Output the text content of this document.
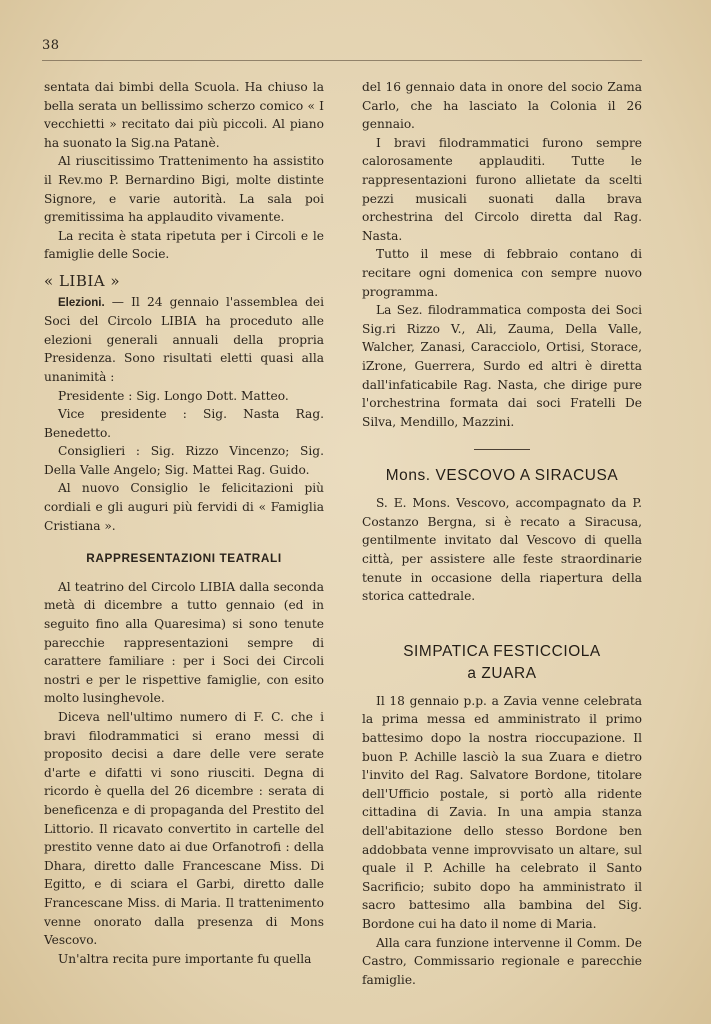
38

sentata dai bimbi della Scuola. Ha chiuso la bella serata un bellissimo scherzo comico « I vecchietti » recitato dai più piccoli. Al piano ha suonato la Sig.na Patanè.

Al riuscitissimo Trattenimento ha assistito il Rev.mo P. Bernardino Bigi, molte distinte Signore, e varie autorità. La sala poi gremitissima ha applaudito vivamente.

La recita è stata ripetuta per i Circoli e le famiglie delle Socie.

« LIBIA »

Elezioni. — Il 24 gennaio l'assemblea dei Soci del Circolo LIBIA ha proceduto alle elezioni generali annuali della propria Presidenza. Sono risultati eletti quasi alla unanimità :

Presidente : Sig. Longo Dott. Matteo.

Vice presidente : Sig. Nasta Rag. Benedetto.

Consiglieri : Sig. Rizzo Vincenzo; Sig. Della Valle Angelo; Sig. Mattei Rag. Guido.

Al nuovo Consiglio le felicitazioni più cordiali e gli auguri più fervidi di « Famiglia Cristiana ».

RAPPRESENTAZIONI TEATRALI

Al teatrino del Circolo LIBIA dalla seconda metà di dicembre a tutto gennaio (ed in seguito fino alla Quaresima) si sono tenute parecchie rappresentazioni sempre di carattere familiare : per i Soci dei Circoli nostri e per le rispettive famiglie, con esito molto lusinghevole.

Diceva nell'ultimo numero di F. C. che i bravi filodrammatici si erano messi di proposito decisi a dare delle vere serate d'arte e difatti vi sono riusciti. Degna di ricordo è quella del 26 dicembre : serata di beneficenza e di propaganda del Prestito del Littorio. Il ricavato convertito in cartelle del prestito venne dato ai due Orfanotrofi : della Dhara, diretto dalle Francescane Miss. Di Egitto, e di sciara el Garbi, diretto dalle Francescane Miss. di Maria. Il trattenimento venne onorato dalla presenza di Mons Vescovo.

Un'altra recita pure importante fu quella

del 16 gennaio data in onore del socio Zama Carlo, che ha lasciato la Colonia il 26 gennaio.

I bravi filodrammatici furono sempre calorosamente applauditi. Tutte le rappresentazioni furono allietate da scelti pezzi musicali suonati dalla brava orchestrina del Circolo diretta dal Rag. Nasta.

Tutto il mese di febbraio contano di recitare ogni domenica con sempre nuovo programma.

La Sez. filodrammatica composta dei Soci Sig.ri Rizzo V., Ali, Zauma, Della Valle, Walcher, Zanasi, Caracciolo, Ortisi, Storace, iZrone, Guerrera, Surdo ed altri è diretta dall'infaticabile Rag. Nasta, che dirige pure l'orchestrina formata dai soci Fratelli De Silva, Mendillo, Mazzini.

Mons. VESCOVO A SIRACUSA

S. E. Mons. Vescovo, accompagnato da P. Costanzo Bergna, si è recato a Siracusa, gentilmente invitato dal Vescovo di quella città, per assistere alle feste straordinarie tenute in occasione della riapertura della storica cattedrale.

SIMPATICA FESTICCIOLA
a ZUARA

Il 18 gennaio p.p. a Zavia venne celebrata la prima messa ed amministrato il primo battesimo dopo la nostra rioccupazione. Il buon P. Achille lasciò la sua Zuara e dietro l'invito del Rag. Salvatore Bordone, titolare dell'Ufficio postale, si portò alla ridente cittadina di Zavia. In una ampia stanza dell'abitazione dello stesso Bordone ben addobbata venne improvvisato un altare, sul quale il P. Achille ha celebrato il Santo Sacrificio; subito dopo ha amministrato il sacro battesimo alla bambina del Sig. Bordone cui ha dato il nome di Maria.

Alla cara funzione intervenne il Comm. De Castro, Commissario regionale e parecchie famiglie.
